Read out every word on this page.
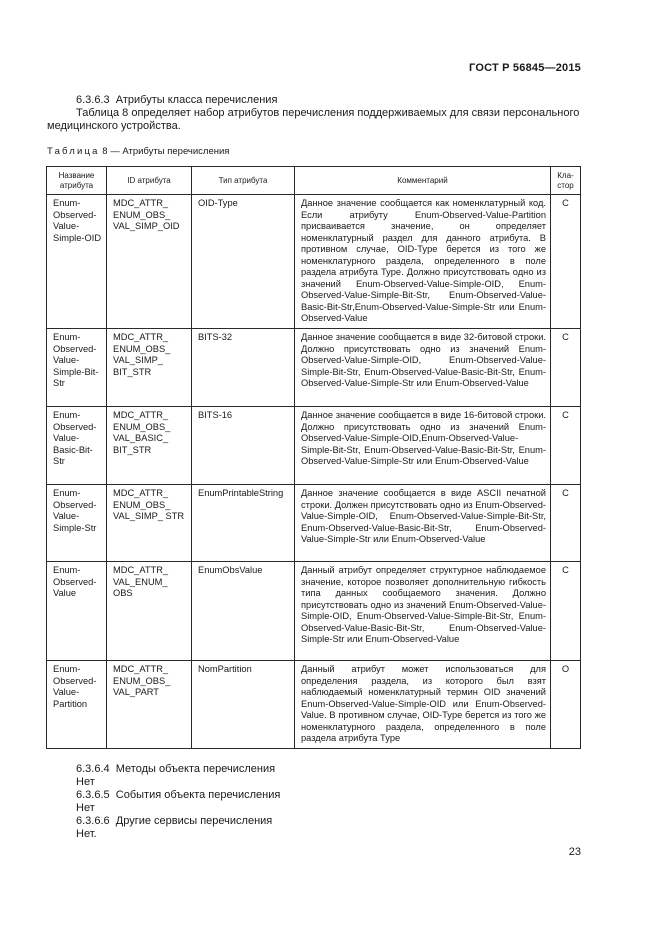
ГОСТ Р 56845—2015
6.3.6.3 Атрибуты класса перечисления
Таблица 8 определяет набор атрибутов перечисления поддерживаемых для связи персонального медицинского устройства.
Таблица 8 — Атрибуты перечисления
Название атрибута	ID атрибута	Тип атрибута	Комментарий	Клa-стор
Enum-Observed-Value-Simple-OID	MDC_ATTR_ ENUM_OBS_ VAL_SIMP_OID	OID-Type	Данное значение сообщается как номенклатурный код. Если атрибуту Enum-Observed-Value-Partition присваивается значение, он определяет номенклатурный раздел для данного атрибута. В противном случае, OID-Type берется из того же номенклатурного раздела, определенного в поле раздела атрибута Type. Должно присутствовать одно из значений Enum-Observed-Value-Simple-OID, Enum-Observed-Value-Simple-Bit-Str, Enum-Observed-Value-Basic-Bit-Str,Enum-Observed-Value-Simple-Str или Enum-Observed-Value	C
Enum-Observed-Value-Simple-Bit-Str	MDC_ATTR_ ENUM_OBS_ VAL_SIMP_ BIT_STR	BITS-32	Данное значение сообщается в виде 32-битовой строки. Должно присутствовать одно из значений Enum-Observed-Value-Simple-OID, Enum-Observed-Value-Simple-Bit-Str, Enum-Observed-Value-Basic-Bit-Str, Enum-Observed-Value-Simple-Str или Enum-Observed-Value	C
Enum-Observed-Value-Basic-Bit-Str	MDC_ATTR_ ENUM_OBS_ VAL_BASIC_ BIT_STR	BITS-16	Данное значение сообщается в виде 16-битовой строки. Должно присутствовать одно из значений Enum-Observed-Value-Simple-OID,Enum-Observed-Value-Simple-Bit-Str, Enum-Observed-Value-Basic-Bit-Str, Enum-Observed-Value-Simple-Str или Enum-Observed-Value	C
Enum-Observed-Value-Simple-Str	MDC_ATTR_ ENUM_OBS_ VAL_SIMP_ STR	EnumPrintableString	Данное значение сообщается в виде ASCII печатной строки. Должен присутствовать одно из Enum-Observed-Value-Simple-OID, Enum-Observed-Value-Simple-Bit-Str, Enum-Observed-Value-Basic-Bit-Str, Enum-Observed-Value-Simple-Str или Enum-Observed-Value	C
Enum-Observed-Value	MDC_ATTR_ VAL_ENUM_ OBS	EnumObsValue	Данный атрибут определяет структурное наблюдаемое значение, которое позволяет дополнительную гибкость типа данных сообщаемого значения. Должно присутствовать одно из значений Enum-Observed-Value-Simple-OID, Enum-Observed-Value-Simple-Bit-Str, Enum-Observed-Value-Basic-Bit-Str, Enum-Observed-Value-Simple-Str или Enum-Observed-Value	C
Enum-Observed-Value-Partition	MDC_ATTR_ ENUM_OBS_ VAL_PART	NomPartition	Данный атрибут может использоваться для определения раздела, из которого был взят наблюдаемый номенклатурный термин OID значений Enum-Observed-Value-Simple-OID или Enum-Observed-Value. В противном случае, OID-Type берется из того же номенклатурного раздела, определенного в поле раздела атрибута Type	O
6.3.6.4 Методы объекта перечисления
Нет
6.3.6.5 События объекта перечисления
Нет
6.3.6.6 Другие сервисы перечисления
Нет.
23
